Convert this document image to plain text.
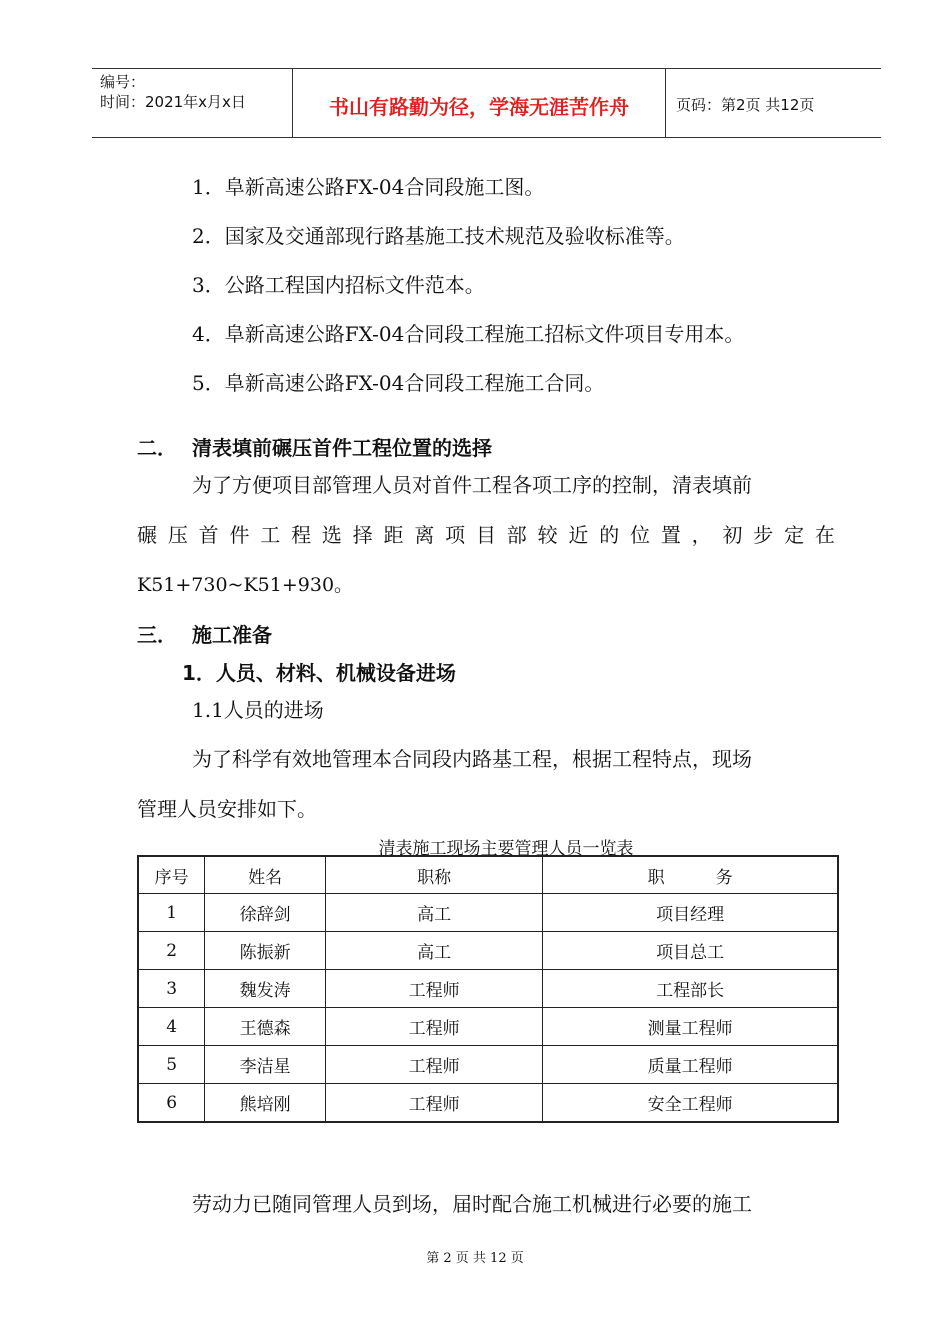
编号：
时间：2021年x月x日	书山有路勤为径，学海无涯苦作舟	页码：第2页 共12页
1．阜新高速公路FX-04合同段施工图。
2．国家及交通部现行路基施工技术规范及验收标准等。
3．公路工程国内招标文件范本。
4．阜新高速公路FX-04合同段工程施工招标文件项目专用本。
5．阜新高速公路FX-04合同段工程施工合同。
二． 清表填前碾压首件工程位置的选择
为了方便项目部管理人员对首件工程各项工序的控制，清表填前
碾 压 首 件 工 程 选 择 距 离 项 目 部 较 近 的 位 置 ， 初 步 定 在
K51+730~K51+930。
三． 施工准备
1．人员、材料、机械设备进场
1.1人员的进场
为了科学有效地管理本合同段内路基工程，根据工程特点，现场
管理人员安排如下。
清表施工现场主要管理人员一览表
序号	姓名	职称	职　　　务
1	徐辞剑	高工	项目经理
2	陈振新	高工	项目总工
3	魏发涛	工程师	工程部长
4	王德森	工程师	测量工程师
5	李洁星	工程师	质量工程师
6	熊培刚	工程师	安全工程师
劳动力已随同管理人员到场，届时配合施工机械进行必要的施工
第 2 页 共 12 页
